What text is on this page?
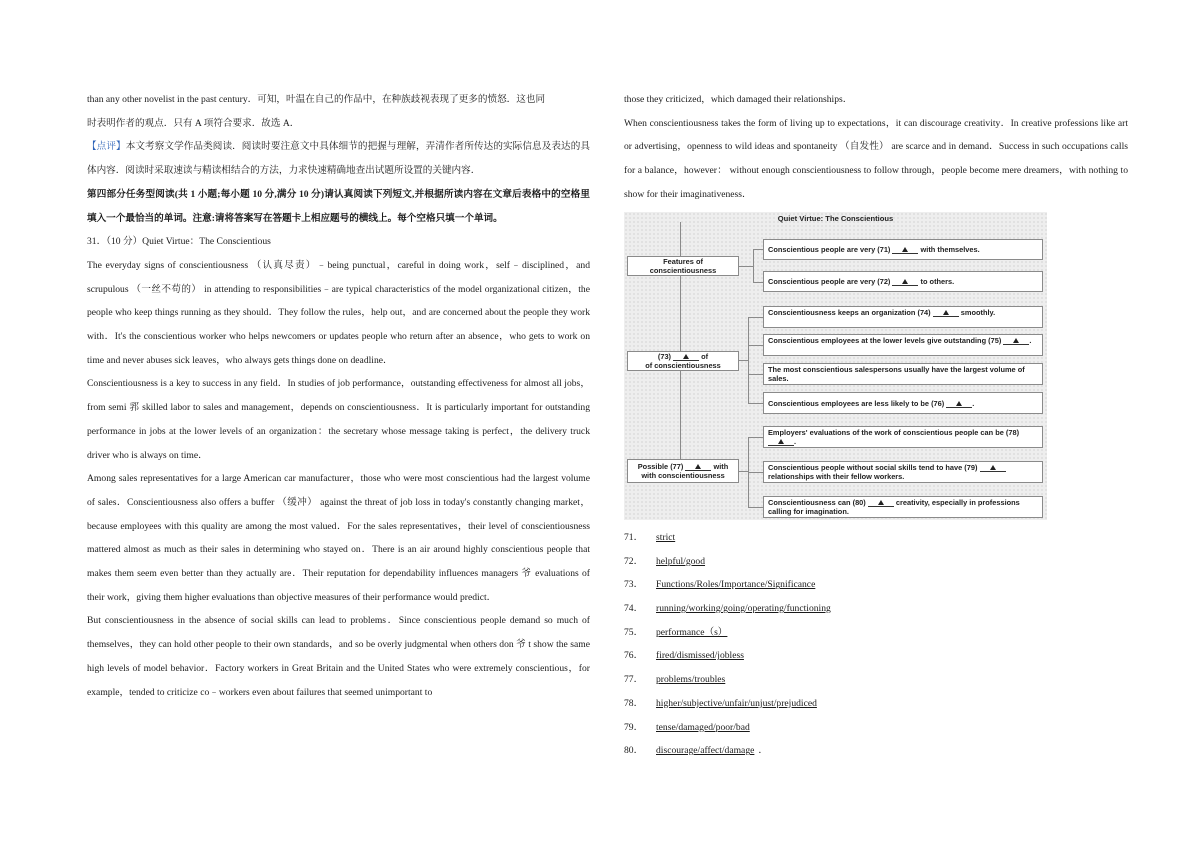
than any other novelist in the past century．可知，叶温在自己的作品中，在种族歧视表现了更多的愤怒．这也同
时表明作者的观点．只有 A 项符合要求．故选 A．

【点评】本文考察文学作品类阅读．阅读时要注意文中具体细节的把握与理解，弄清作者所传达的实际信息及表达的具体内容．阅读时采取速读与精读相结合的方法，力求快速精确地查出试题所设置的关键内容．

第四部分任务型阅读(共 1 小题;每小题 10 分,满分 10 分)请认真阅读下列短文,并根据所读内容在文章后表格中的空格里填入一个最恰当的单词。注意:请将答案写在答题卡上相应题号的横线上。每个空格只填一个单词。

31．（10 分）Quiet Virtue：The Conscientious

The everyday signs of conscientiousness （认真尽责）﹣being punctual，careful in doing work，self﹣disciplined，and scrupulous （一丝不苟的） in attending to responsibilities﹣are typical characteristics of the model organizational citizen，the people who keep things running as they should．They follow the rules，help out，and are concerned about the people they work with．It's the conscientious worker who helps newcomers or updates people who return after an absence，who gets to work on time and never abuses sick leaves，who always gets things done on deadline．

Conscientiousness is a key to success in any field．In studies of job performance，outstanding effectiveness for almost all jobs，from semi 郛 skilled labor to sales and management，depends on conscientiousness．It is particularly important for outstanding performance in jobs at the lower levels of an organization：the secretary whose message taking is perfect，the delivery truck driver who is always on time．

Among sales representatives for a large American car manufacturer，those who were most conscientious had the largest volume of sales．Conscientiousness also offers a buffer （缓冲） against the threat of job loss in today's constantly changing market，because employees with this quality are among the most valued．For the sales representatives，their level of conscientiousness mattered almost as much as their sales in determining who stayed on．There is an air around highly conscientious people that makes them seem even better than they actually are．Their reputation for dependability influences managers 爷 evaluations of their work，giving them higher evaluations than objective measures of their performance would predict．

But conscientiousness in the absence of social skills can lead to problems．Since conscientious people demand so much of themselves，they can hold other people to their own standards，and so be overly judgmental when others don 爷 t show the same high levels of model behavior．Factory workers in Great Britain and the United States who were extremely conscientious，for example，tended to criticize co﹣workers even about failures that seemed unimportant to

those they criticized，which damaged their relationships．

When conscientiousness takes the form of living up to expectations，it can discourage creativity．In creative professions like art or advertising，openness to wild ideas and spontaneity （自发性） are scarce and in demand．Success in such occupations calls for a balance，however： without enough conscientiousness to follow through，people become mere dreamers，with nothing to show for their imaginativeness．

Quiet Virtue: The Conscientious
Features of conscientiousness
(73)	of
of conscientiousness
Possible (77)	with
with conscientiousness
Conscientious people are very (71)	with themselves.
Conscientious people are very (72)	to others.
Conscientiousness keeps an organization (74)	smoothly.
Conscientious employees at the lower levels give outstanding (75)	.
The most conscientious salespersons usually have the largest volume of sales.
Conscientious employees are less likely to be (76)	.
Employers' evaluations of the work of conscientious people can be (78) .
Conscientious people without social skills tend to have (79)  relationships with their fellow workers.
Conscientiousness can (80)	creativity, especially in professions calling for imagination.
71． strict
72． helpful/good
73． Functions/Roles/Importance/Significance
74． running/working/going/operating/functioning
75． performance（s）
76． fired/dismissed/jobless
77． problems/troubles
78． higher/subjective/unfair/unjust/prejudiced
79． tense/damaged/poor/bad
80． discourage/affect/damage ．
